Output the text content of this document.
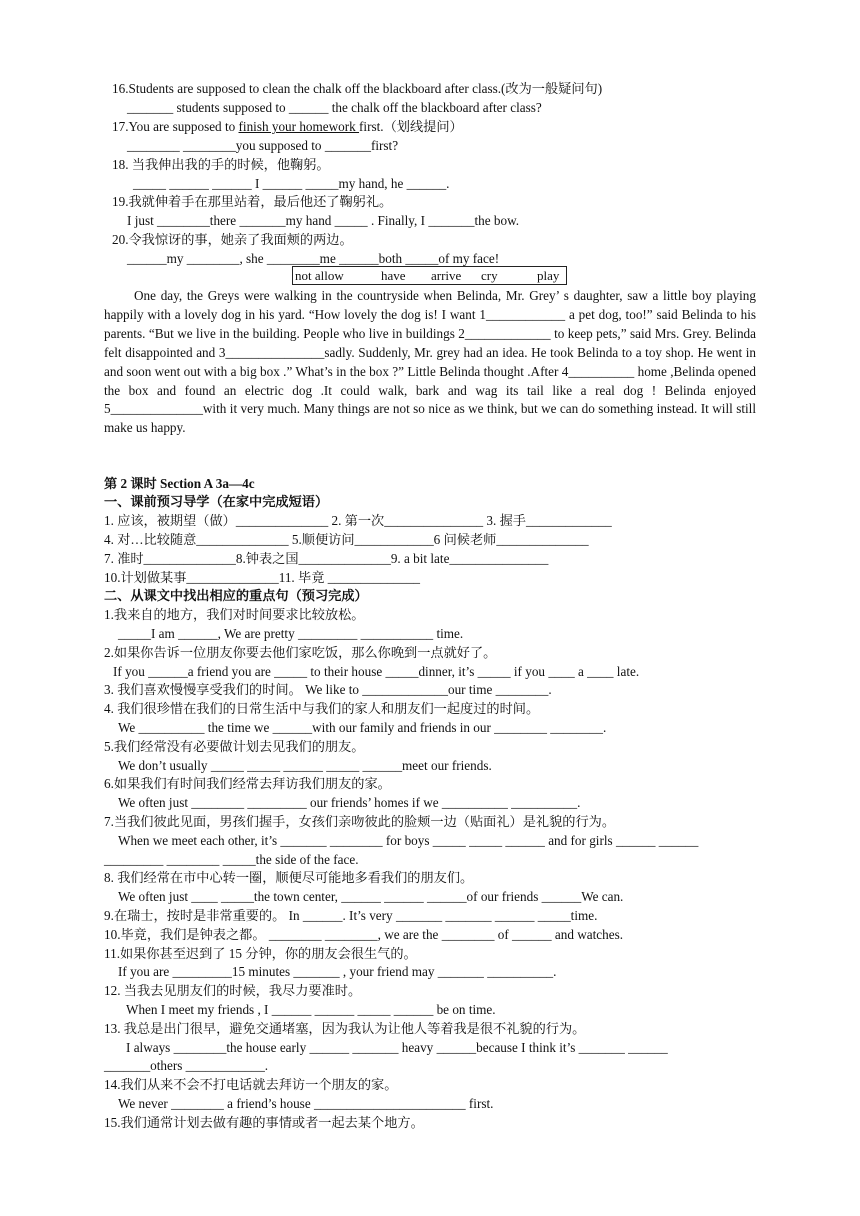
16.Students are supposed to clean the chalk off the blackboard after class.(改为一般疑问句)
_______ students supposed to ______ the chalk off the blackboard after class?
17.You are supposed to finish your homework first.（划线提问）
________ ________you supposed to _______first?
18. 当我伸出我的手的时候，他鞠躬。
_____ ______ ______ I ______ _____my hand, he ______.
19.我就伸着手在那里站着，最后他还了鞠躬礼。
I just ________there _______my hand _____ . Finally, I _______the bow.
20.令我惊讶的事，她亲了我面颊的两边。
______my ________, she ________me ______both _____of my face!
not allow	have arrive cry	play
One day, the Greys were walking in the countryside when Belinda, Mr. Grey’ s daughter, saw a little boy playing happily with a lovely dog in his yard. “How lovely the dog is! I want 1____________ a pet dog, too!” said Belinda to his parents. “But we live in the building. People who live in buildings 2_____________ to keep pets,” said Mrs. Grey. Belinda felt disappointed and 3_______________sadly. Suddenly, Mr. grey had an idea. He took Belinda to a toy shop. He went in and soon went out with a big box .” What’s in the box ?” Little Belinda thought .After 4__________ home ,Belinda opened the box and found an electric dog .It could walk, bark and wag its tail like a real dog ! Belinda enjoyed 5______________with it very much. Many things are not so nice as we think, but we can do something instead. It will still make us happy.
第 2 课时 Section A 3a—4c
一、课前预习导学（在家中完成短语）
1. 应该，被期望（做）______________ 2. 第一次_______________ 3. 握手_____________
4. 对…比较随意______________ 5.顺便访问____________6 问候老师______________
7. 准时______________8.钟表之国______________9. a bit late_______________
10.计划做某事______________11. 毕竟 ______________
二、从课文中找出相应的重点句（预习完成）
1.我来自的地方，我们对时间要求比较放松。
_____I am ______, We are pretty _________ ___________ time.
2.如果你告诉一位朋友你要去他们家吃饭，那么你晚到一点就好了。
If you ______a friend you are _____ to their house _____dinner, it’s _____ if you ____ a ____ late.
3. 我们喜欢慢慢享受我们的时间。 We like to _____________our time ________.
4. 我们很珍惜在我们的日常生活中与我们的家人和朋友们一起度过的时间。
We __________ the time we ______with our family and friends in our ________ ________.
5.我们经常没有必要做计划去见我们的朋友。
We don’t usually _____ _____ ______ _____ ______meet our friends.
6.如果我们有时间我们经常去拜访我们朋友的家。
We often just ________ _________ our friends’ homes if we __________ __________.
7.当我们彼此见面，男孩们握手，女孩们亲吻彼此的脸颊一边（贴面礼）是礼貌的行为。
When we meet each other, it’s _______ ________ for boys _____ _____ ______ and for girls ______ ______
_________ ________ _____the side of the face.
8. 我们经常在市中心转一圈，顺便尽可能地多看我们的朋友们。
We often just ____ _____the town center, ______ ______ ______of our friends ______We can.
9.在瑞士，按时是非常重要的。 In ______. It’s very _______ _______ ______ _____time.
10.毕竟，我们是钟表之都。 ________ ________, we are the ________ of ______ and watches.
11.如果你甚至迟到了 15 分钟，你的朋友会很生气的。
If you are _________15 minutes _______ , your friend may _______ __________.
12. 当我去见朋友们的时候，我尽力要准时。
When I meet my friends , I ______ ______ _____ ______ be on time.
13. 我总是出门很早，避免交通堵塞，因为我认为让他人等着我是很不礼貌的行为。
I always ________the house early ______ _______ heavy ______because I think it’s _______ ______
_______others ____________.
14.我们从来不会不打电话就去拜访一个朋友的家。
We never ________ a friend’s house _______________________ first.
15.我们通常计划去做有趣的事情或者一起去某个地方。
